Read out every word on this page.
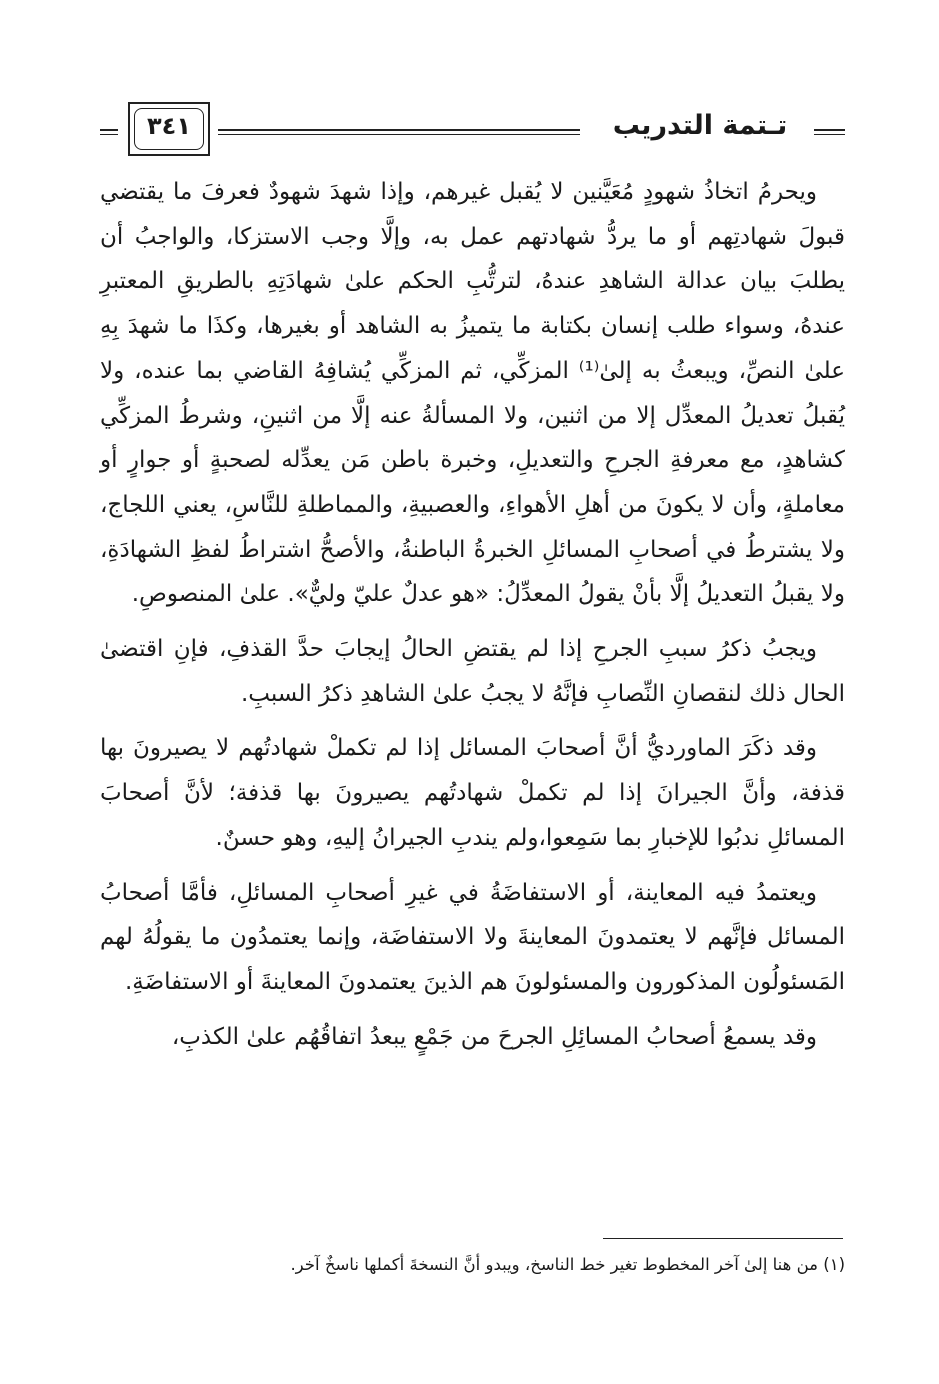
٣٤١	تـتمة التدريب

ويحرمُ اتخاذُ شهودٍ مُعَيَّنين لا يُقبل غيرهم، وإذا شهدَ شهودٌ فعرفَ ما يقتضي قبولَ شهادتِهم أو ما يردُّ شهادتهم عمل به، وإلَّا وجب الاستزكا، والواجبُ أن يطلبَ بيان عدالة الشاهدِ عندهُ، لترتُّبِ الحكم علىٰ شهادَتِهِ بالطريقِ المعتبرِ عندهُ، وسواء طلب إنسان بكتابة ما يتميزُ به الشاهد أو بغيرها، وكذَا ما شهدَ بِهِ علىٰ النصِّ، ويبعثُ به إلىٰ⁽¹⁾ المزكِّي، ثم المزكِّي يُشافِهُ القاضي بما عنده، ولا يُقبلُ تعديلُ المعدِّل إلا من اثنين، ولا المسألةُ عنه إلَّا من اثنينِ، وشرطُ المزكِّي كشاهدٍ، مع معرفةِ الجرحِ والتعديلِ، وخبرة باطن مَن يعدِّله لصحبةٍ أو جوارٍ أو معاملةٍ، وأن لا يكونَ من أهلِ الأهواءِ، والعصبيةِ، والمماطلةِ للنَّاسِ، يعني اللجاج، ولا يشترطُ في أصحابِ المسائلِ الخبرةُ الباطنةُ، والأصحُّ اشتراطُ لفظِ الشهادَةِ، ولا يقبلُ التعديلُ إلَّا بأنْ يقولُ المعدِّلُ: «هو عدلٌ عليّ وليٌّ». علىٰ المنصوصِ.

ويجبُ ذكرُ سببِ الجرحِ إذا لم يقتضِ الحالُ إيجابَ حدَّ القذفِ، فإنِ اقتضىٰ الحال ذلك لنقصانِ النِّصابِ فإنَّهُ لا يجبُ علىٰ الشاهدِ ذكرُ السببِ.

وقد ذكَرَ الماورديُّ أنَّ أصحابَ المسائل إذا لم تكملْ شهادتُهم لا يصيرونَ بها قذفة، وأنَّ الجيرانَ إذا لم تكملْ شهادتُهم يصيرونَ بها قذفة؛ لأنَّ أصحابَ المسائلِ ندبُوا للإخبارِ بما سَمِعوا،ولم يندبِ الجيرانُ إليهِ، وهو حسنٌ.

ويعتمدُ فيه المعاينة، أو الاستفاضَةُ في غيرِ أصحابِ المسائلِ، فأمَّا أصحابُ المسائل فإنَّهم لا يعتمدونَ المعاينةَ ولا الاستفاضَة، وإنما يعتمدُون ما يقولُهُ لهم المَسئولُون المذكورون والمسئولونَ هم الذينَ يعتمدونَ المعاينةَ أو الاستفاضَةِ.

وقد يسمعُ أصحابُ المسائِلِ الجرحَ من جَمْعٍ يبعدُ اتفاقُهُم علىٰ الكذبِ،

(١) من هنا إلىٰ آخر المخطوط تغير خط الناسخ، ويبدو أنَّ النسخةَ أكملها ناسخٌ آخر.
